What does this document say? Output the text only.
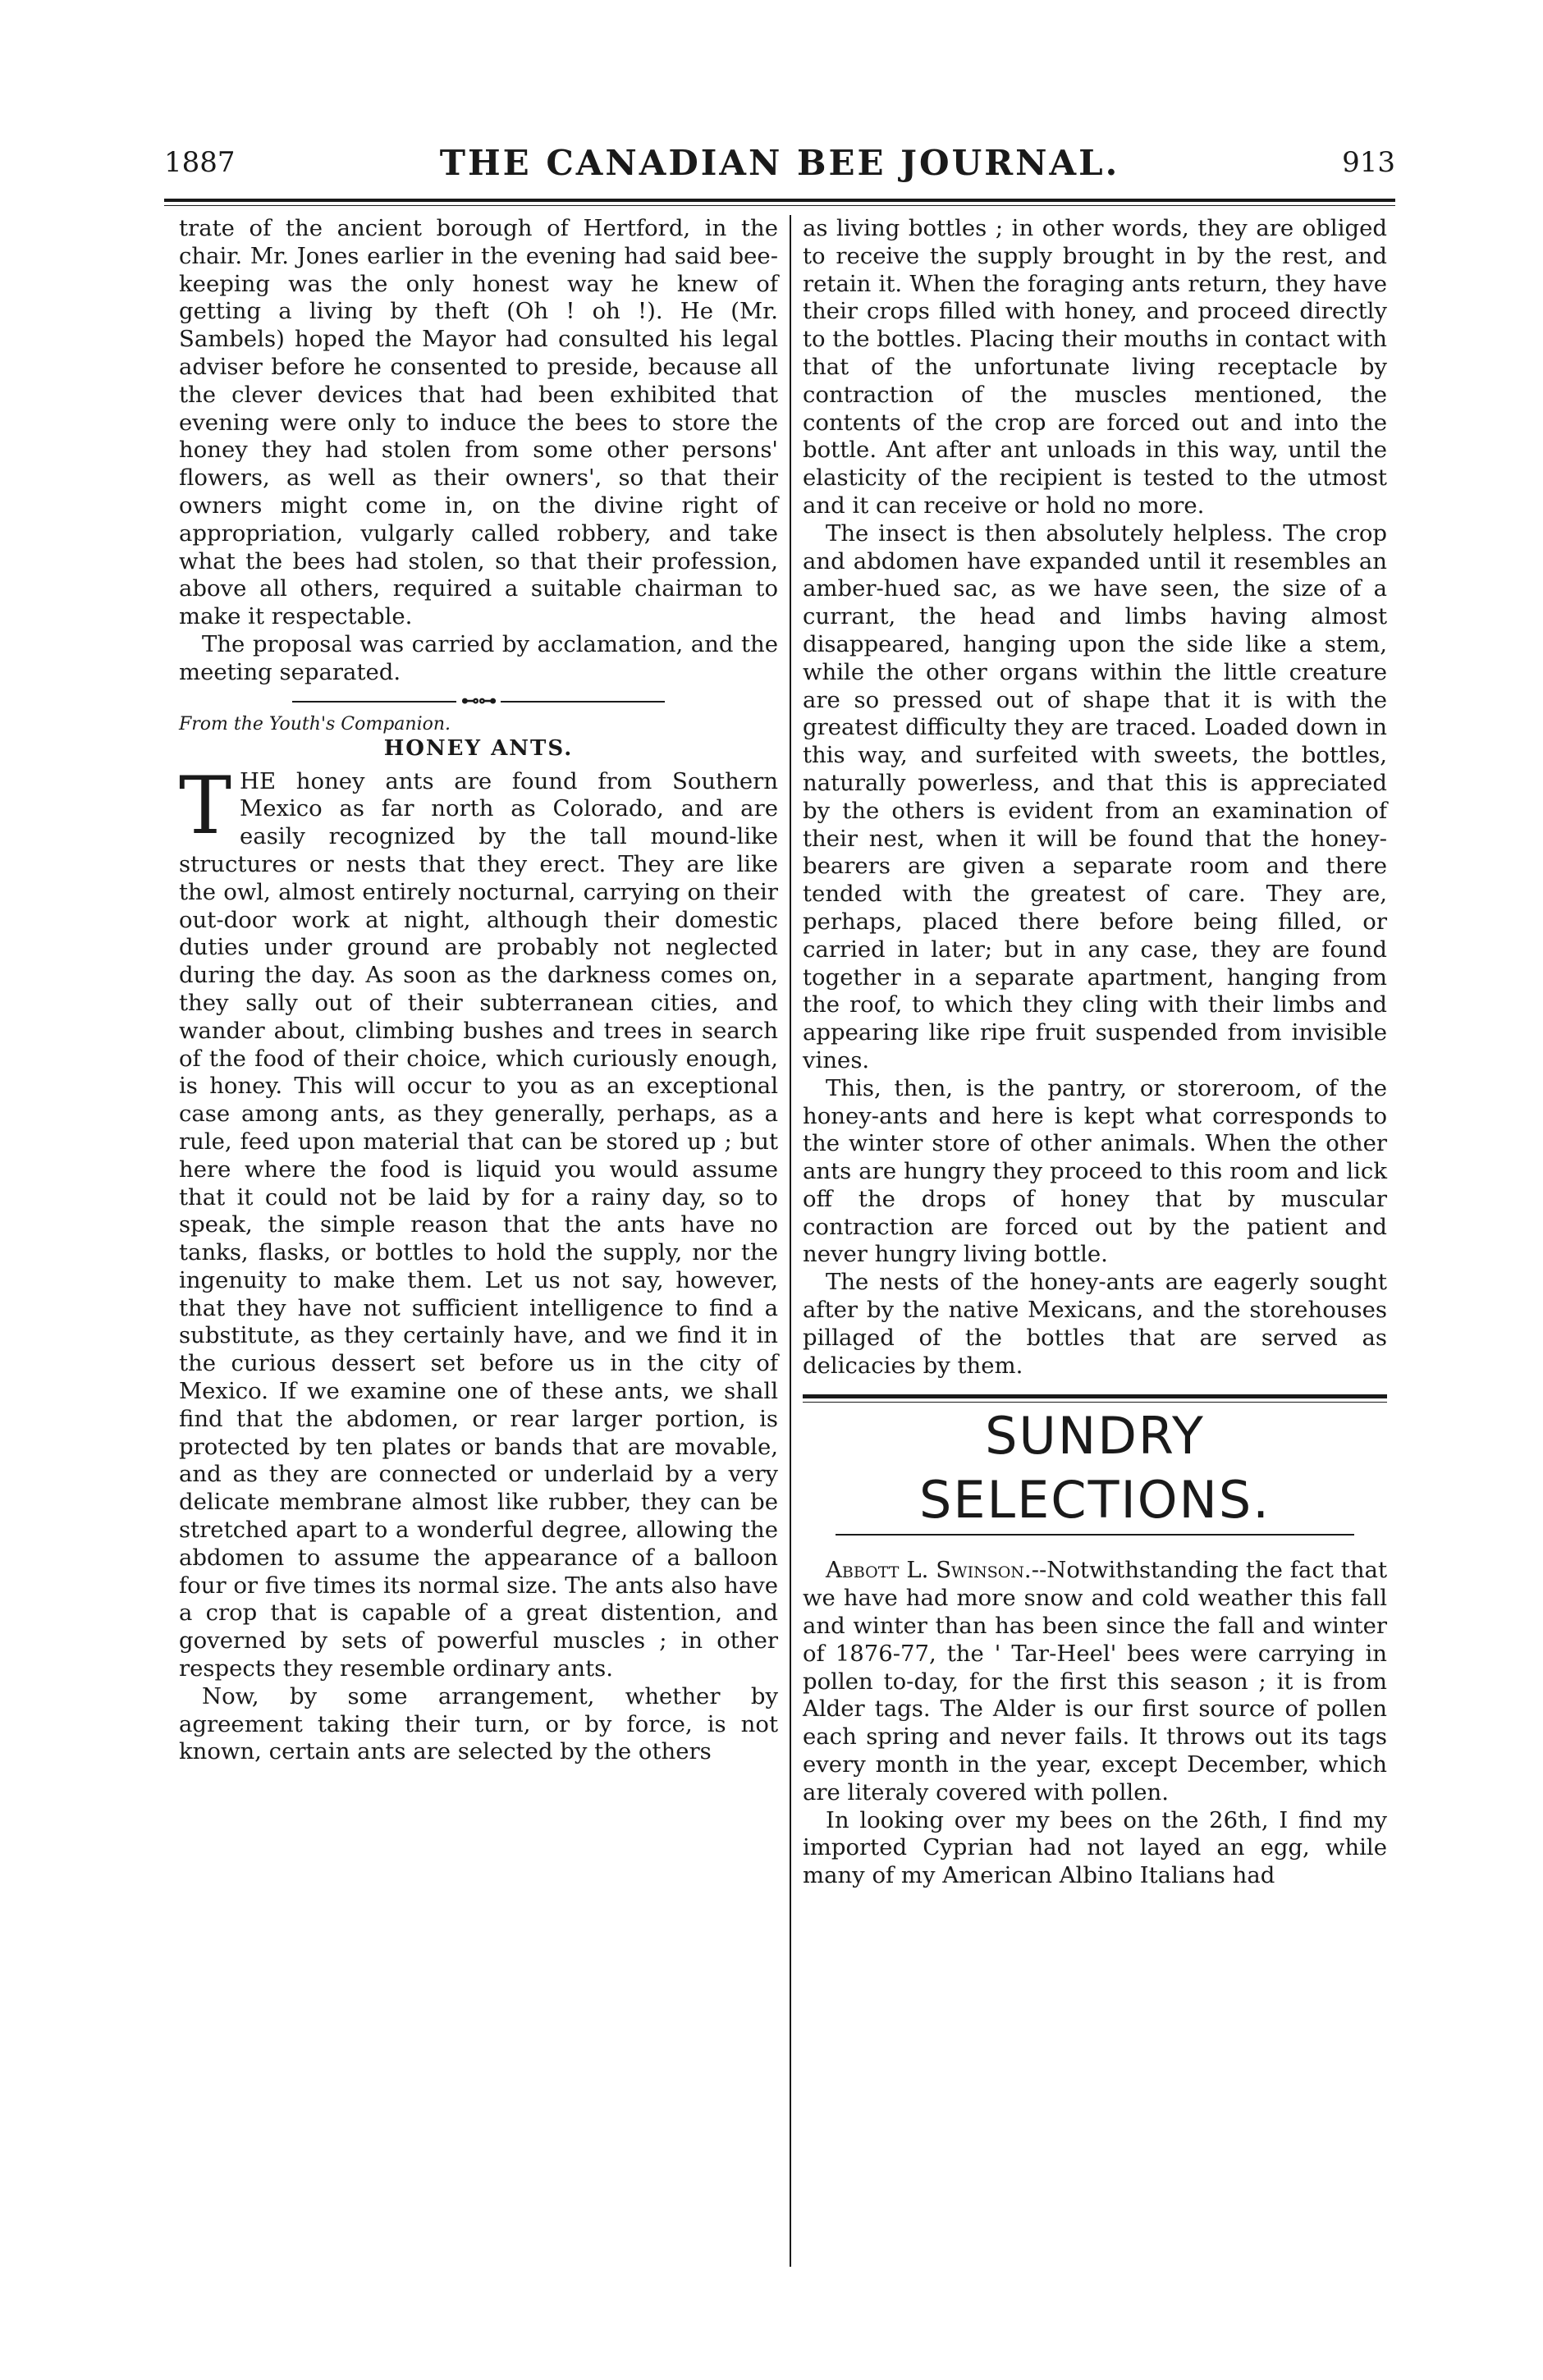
1887	THE CANADIAN BEE JOURNAL.	913

trate of the ancient borough of Hertford, in the chair. Mr. Jones earlier in the evening had said bee-keeping was the only honest way he knew of getting a living by theft (Oh ! oh !). He (Mr. Sambels) hoped the Mayor had consulted his legal adviser before he consented to preside, because all the clever devices that had been exhibited that evening were only to induce the bees to store the honey they had stolen from some other persons' flowers, as well as their owners', so that their owners might come in, on the divine right of appropriation, vulgarly called robbery, and take what the bees had stolen, so that their profession, above all others, required a suitable chairman to make it respectable.

The proposal was carried by acclamation, and the meeting separated.

⊷⊶
From the Youth's Companion.
HONEY ANTS.

THE honey ants are found from Southern Mexico as far north as Colorado, and are easily recognized by the tall mound-like structures or nests that they erect. They are like the owl, almost entirely nocturnal, carrying on their out-door work at night, although their domestic duties under ground are probably not neglected during the day. As soon as the darkness comes on, they sally out of their subterranean cities, and wander about, climbing bushes and trees in search of the food of their choice, which curiously enough, is honey. This will occur to you as an exceptional case among ants, as they generally, perhaps, as a rule, feed upon material that can be stored up ; but here where the food is liquid you would assume that it could not be laid by for a rainy day, so to speak, the simple reason that the ants have no tanks, flasks, or bottles to hold the supply, nor the ingenuity to make them. Let us not say, however, that they have not sufficient intelligence to find a substitute, as they certainly have, and we find it in the curious dessert set before us in the city of Mexico. If we examine one of these ants, we shall find that the abdomen, or rear larger portion, is protected by ten plates or bands that are movable, and as they are connected or underlaid by a very delicate membrane almost like rubber, they can be stretched apart to a wonderful degree, allowing the abdomen to assume the appearance of a balloon four or five times its normal size. The ants also have a crop that is capable of a great distention, and governed by sets of powerful muscles ; in other respects they resemble ordinary ants.

Now, by some arrangement, whether by agreement taking their turn, or by force, is not known, certain ants are selected by the others

as living bottles ; in other words, they are obliged to receive the supply brought in by the rest, and retain it. When the foraging ants return, they have their crops filled with honey, and proceed directly to the bottles. Placing their mouths in contact with that of the unfortunate living receptacle by contraction of the muscles mentioned, the contents of the crop are forced out and into the bottle. Ant after ant unloads in this way, until the elasticity of the recipient is tested to the utmost and it can receive or hold no more.

The insect is then absolutely helpless. The crop and abdomen have expanded until it resembles an amber-hued sac, as we have seen, the size of a currant, the head and limbs having almost disappeared, hanging upon the side like a stem, while the other organs within the little creature are so pressed out of shape that it is with the greatest difficulty they are traced. Loaded down in this way, and surfeited with sweets, the bottles, naturally powerless, and that this is appreciated by the others is evident from an examination of their nest, when it will be found that the honey-bearers are given a separate room and there tended with the greatest of care. They are, perhaps, placed there before being filled, or carried in later; but in any case, they are found together in a separate apartment, hanging from the roof, to which they cling with their limbs and appearing like ripe fruit suspended from invisible vines.

This, then, is the pantry, or storeroom, of the honey-ants and here is kept what corresponds to the winter store of other animals. When the other ants are hungry they proceed to this room and lick off the drops of honey that by muscular contraction are forced out by the patient and never hungry living bottle.

The nests of the honey-ants are eagerly sought after by the native Mexicans, and the storehouses pillaged of the bottles that are served as delicacies by them.

SUNDRY SELECTIONS.

Abbott L. Swinson.--Notwithstanding the fact that we have had more snow and cold weather this fall and winter than has been since the fall and winter of 1876-77, the ' Tar-Heel' bees were carrying in pollen to-day, for the first this season ; it is from Alder tags. The Alder is our first source of pollen each spring and never fails. It throws out its tags every month in the year, except December, which are literaly covered with pollen.

In looking over my bees on the 26th, I find my imported Cyprian had not layed an egg, while many of my American Albino Italians had
